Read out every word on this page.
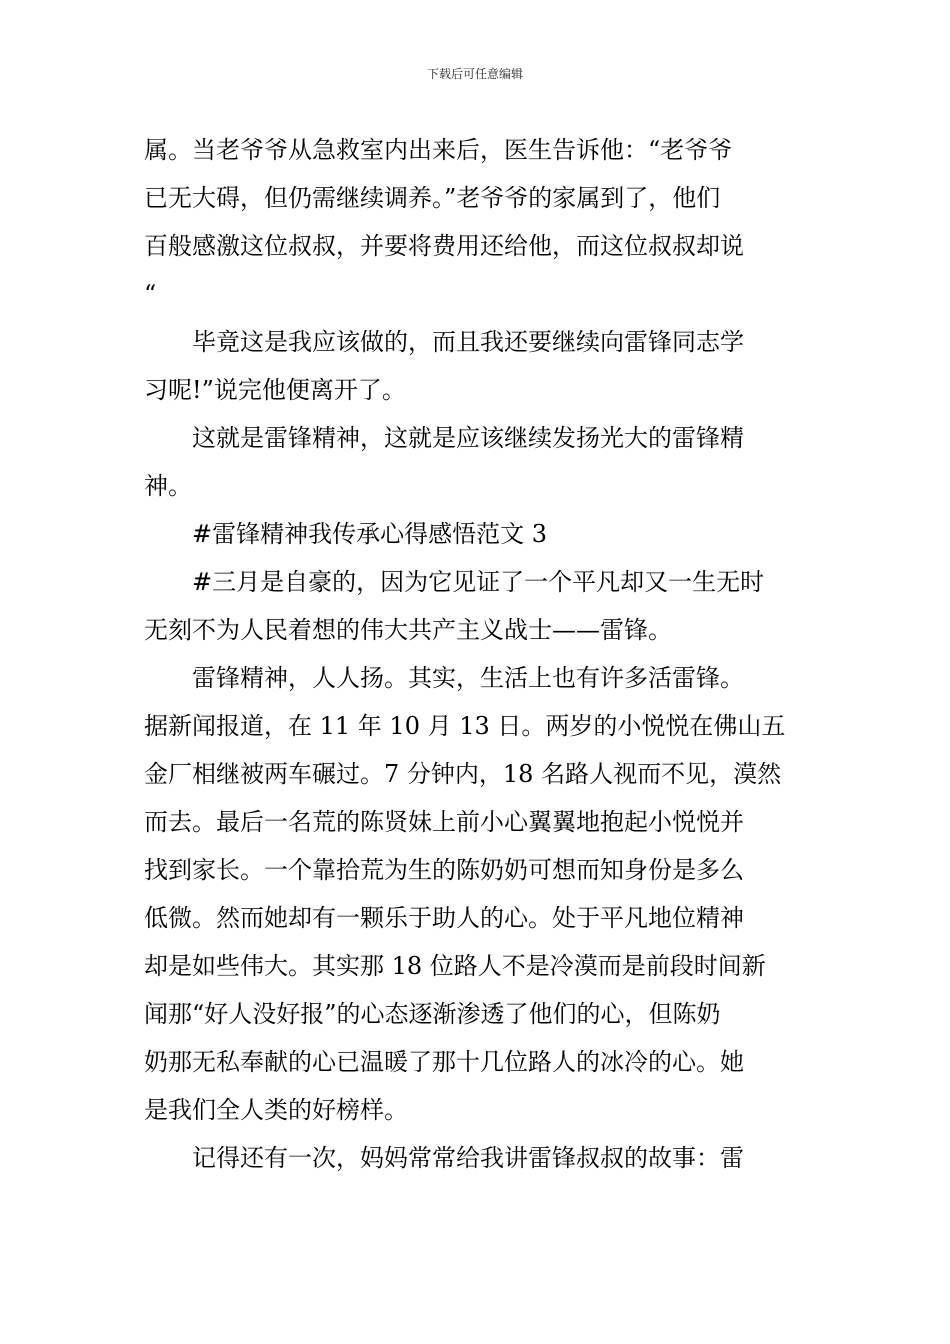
下载后可任意编辑

属。当老爷爷从急救室内出来后，医生告诉他：“老爷爷
已无大碍，但仍需继续调养。”老爷爷的家属到了，他们
百般感激这位叔叔，并要将费用还给他，而这位叔叔却说
“

　　毕竟这是我应该做的，而且我还要继续向雷锋同志学
习呢!”说完他便离开了。

　　这就是雷锋精神，这就是应该继续发扬光大的雷锋精
神。

　　#雷锋精神我传承心得感悟范文 3

　　#三月是自豪的，因为它见证了一个平凡却又一生无时
无刻不为人民着想的伟大共产主义战士——雷锋。

　　雷锋精神，人人扬。其实，生活上也有许多活雷锋。
据新闻报道，在 11 年 10 月 13 日。两岁的小悦悦在佛山五
金厂相继被两车碾过。7 分钟内，18 名路人视而不见，漠然
而去。最后一名荒的陈贤妹上前小心翼翼地抱起小悦悦并
找到家长。一个靠拾荒为生的陈奶奶可想而知身份是多么
低微。然而她却有一颗乐于助人的心。处于平凡地位精神
却是如些伟大。其实那 18 位路人不是冷漠而是前段时间新
闻那“好人没好报”的心态逐渐渗透了他们的心，但陈奶
奶那无私奉献的心已温暖了那十几位路人的冰冷的心。她
是我们全人类的好榜样。

　　记得还有一次，妈妈常常给我讲雷锋叔叔的故事：雷
